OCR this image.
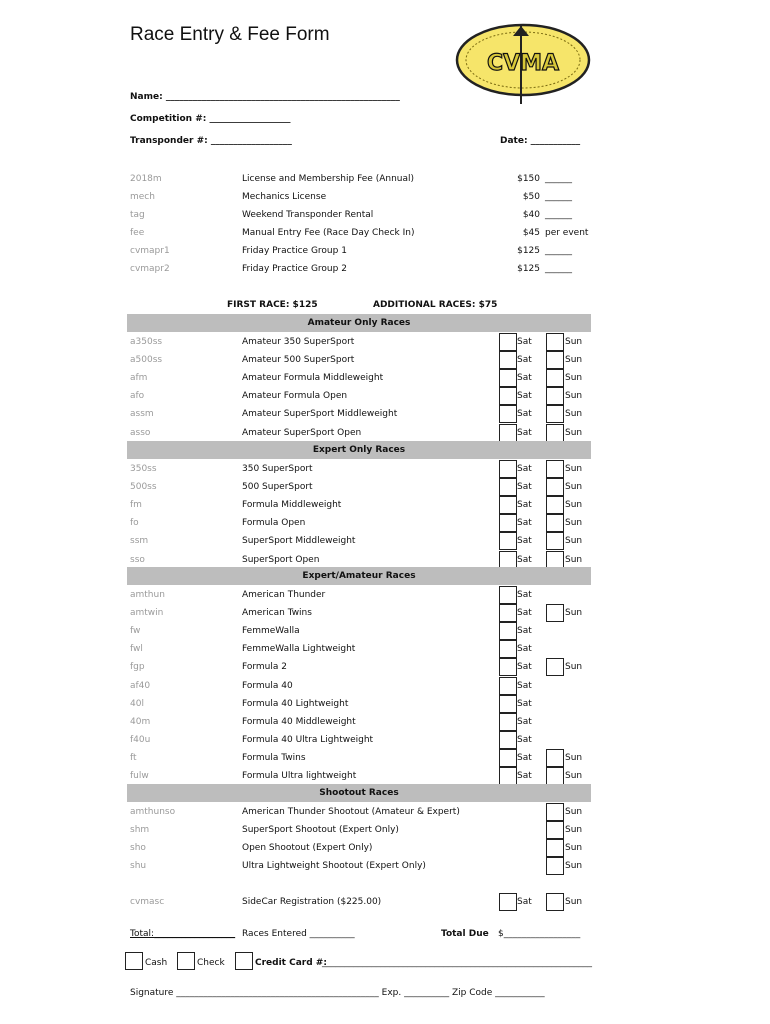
Race Entry & Fee Form
CVMA
Name: ____________________________________________________
Competition #: __________________
Transponder #: __________________	Date: ___________
2018m	License and Membership Fee (Annual)	$150 ______
mech	Mechanics License	$50 ______
tag	Weekend Transponder Rental	$40 ______
fee	Manual Entry Fee (Race Day Check In)	$45 per event
cvmapr1	Friday Practice Group 1	$125 ______
cvmapr2	Friday Practice Group 2	$125 ______
FIRST RACE: $125	ADDITIONAL RACES: $75
Amateur Only Races
a350ss	Amateur 350 SuperSport	Sat	Sun
a500ss	Amateur 500 SuperSport	Sat	Sun
afm	Amateur Formula Middleweight	Sat	Sun
afo	Amateur Formula Open	Sat	Sun
assm	Amateur SuperSport Middleweight	Sat	Sun
asso	Amateur SuperSport Open	Sat	Sun
Expert Only Races
350ss	350 SuperSport	Sat	Sun
500ss	500 SuperSport	Sat	Sun
fm	Formula Middleweight	Sat	Sun
fo	Formula Open	Sat	Sun
ssm	SuperSport Middleweight	Sat	Sun
sso	SuperSport Open	Sat	Sun
Expert/Amateur Races
amthun	American Thunder	Sat
amtwin	American Twins	Sat	Sun
fw	FemmeWalla	Sat
fwl	FemmeWalla Lightweight	Sat
fgp	Formula 2	Sat	Sun
af40	Formula 40	Sat
40l	Formula 40 Lightweight	Sat
40m	Formula 40 Middleweight	Sat
f40u	Formula 40 Ultra Lightweight	Sat
ft	Formula Twins	Sat	Sun
fulw	Formula Ultra lightweight	Sat	Sun
Shootout Races
amthunso	American Thunder Shootout (Amateur & Expert)	Sun
shm	SuperSport Shootout (Expert Only)	Sun
sho	Open Shootout (Expert Only)	Sun
shu	Ultra Lightweight Shootout (Expert Only)	Sun
cvmasc	SideCar Registration ($225.00)	Sat	Sun
Total:__________________ Races Entered __________	Total Due $_________________
Cash	Check	Credit Card #:
____________________________________________________________
Signature _____________________________________________ Exp. __________ Zip Code ___________
